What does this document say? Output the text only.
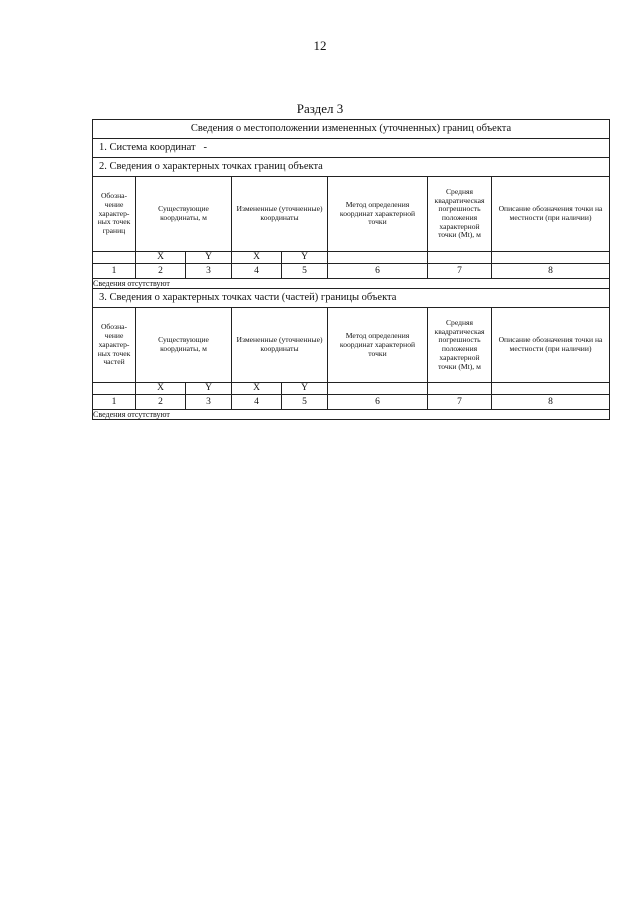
12
Раздел 3
Сведения о местоположении измененных (уточненных) границ объекта							
1. Система координат -							
2. Сведения о характерных точках границ объекта							

Обозна- чение характер- ных точек границ	Существующие координаты, м		Измененные (уточненные) координаты		Метод определения координат характерной точки	Средняя квадратическая погрешность положения характерной точки (Mt), м	Описание обозначения точки на местности (при наличии)

	X	Y	X	Y			
1	2	3	4	5	6	7	8
Сведения отсутствуют							
3. Сведения о характерных точках части (частей) границы объекта							

Обозна- чение характер- ных точек частей	Существующие координаты, м		Измененные (уточненные) координаты		Метод определения координат характерной точки	Средняя квадратическая погрешность положения характерной точки (Mt), м	Описание обозначения точки на местности (при наличии)

	X	Y	X	Y			
1	2	3	4	5	6	7	8
Сведения отсутствуют							
